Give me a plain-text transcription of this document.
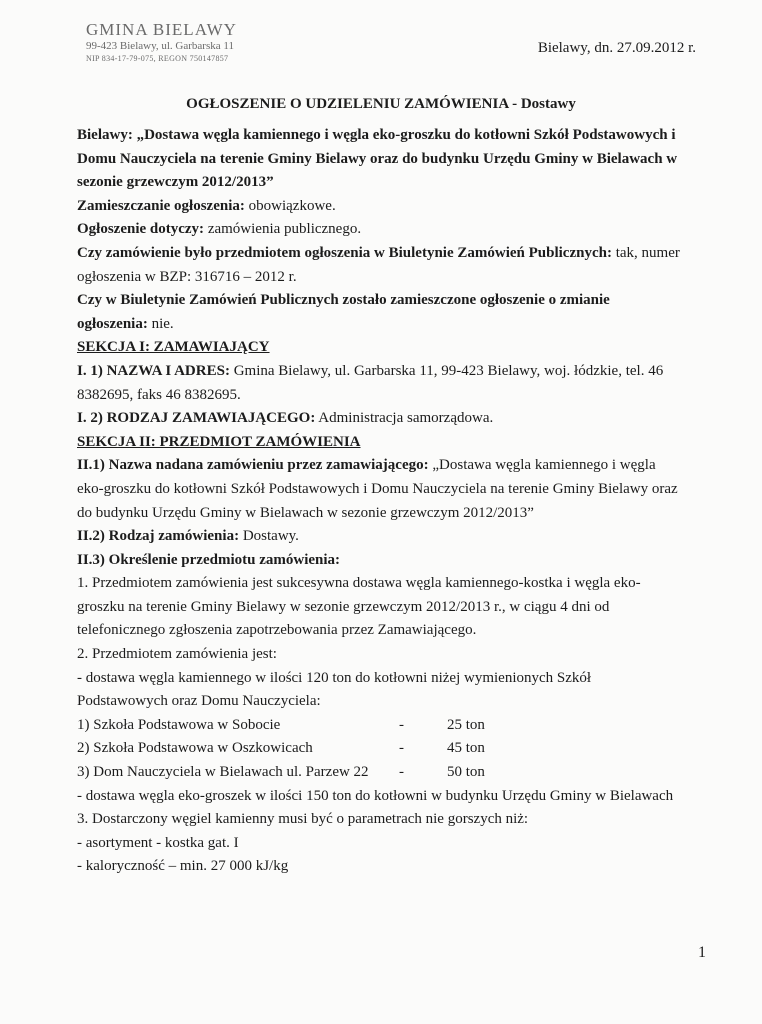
GMINA BIELAWY
99-423 Bielawy, ul. Garbarska 11
NIP 834-17-79-075, REGON 750147857
Bielawy, dn. 27.09.2012 r.
OGŁOSZENIE O UDZIELENIU ZAMÓWIENIA - Dostawy
Bielawy: „Dostawa węgla kamiennego i węgla eko-groszku do kotłowni Szkół Podstawowych i
Domu Nauczyciela na terenie Gminy Bielawy oraz do budynku Urzędu Gminy w Bielawach w
sezonie grzewczym 2012/2013”
Zamieszczanie ogłoszenia: obowiązkowe.
Ogłoszenie dotyczy: zamówienia publicznego.
Czy zamówienie było przedmiotem ogłoszenia w Biuletynie Zamówień Publicznych: tak, numer
ogłoszenia w BZP: 316716 – 2012 r.
Czy w Biuletynie Zamówień Publicznych zostało zamieszczone ogłoszenie o zmianie
ogłoszenia: nie.
SEKCJA I: ZAMAWIAJĄCY
I. 1) NAZWA I ADRES: Gmina Bielawy, ul. Garbarska 11, 99-423 Bielawy, woj. łódzkie, tel. 46
8382695, faks 46 8382695.
I. 2) RODZAJ ZAMAWIAJĄCEGO: Administracja samorządowa.
SEKCJA II: PRZEDMIOT ZAMÓWIENIA
II.1) Nazwa nadana zamówieniu przez zamawiającego: „Dostawa węgla kamiennego i węgla
eko-groszku do kotłowni Szkół Podstawowych i Domu Nauczyciela na terenie Gminy Bielawy oraz
do budynku Urzędu Gminy w Bielawach w sezonie grzewczym 2012/2013”
II.2) Rodzaj zamówienia: Dostawy.
II.3) Określenie przedmiotu zamówienia:
1. Przedmiotem zamówienia jest sukcesywna dostawa węgla kamiennego-kostka i węgla eko-
groszku na terenie Gminy Bielawy w sezonie grzewczym 2012/2013 r., w ciągu 4 dni od
telefonicznego zgłoszenia zapotrzebowania przez Zamawiającego.
2. Przedmiotem zamówienia jest:
- dostawa węgla kamiennego w ilości 120 ton do kotłowni niżej wymienionych Szkół
Podstawowych oraz Domu Nauczyciela:
1) Szkoła Podstawowa w Sobocie	-	25 ton
2) Szkoła Podstawowa w Oszkowicach	-	45 ton
3) Dom Nauczyciela w Bielawach ul. Parzew 22	-	50 ton
- dostawa węgla eko-groszek w ilości 150 ton do kotłowni w budynku Urzędu Gminy w Bielawach
3. Dostarczony węgiel kamienny musi być o parametrach nie gorszych niż:
- asortyment - kostka gat. I
- kaloryczność – min. 27 000 kJ/kg
1
